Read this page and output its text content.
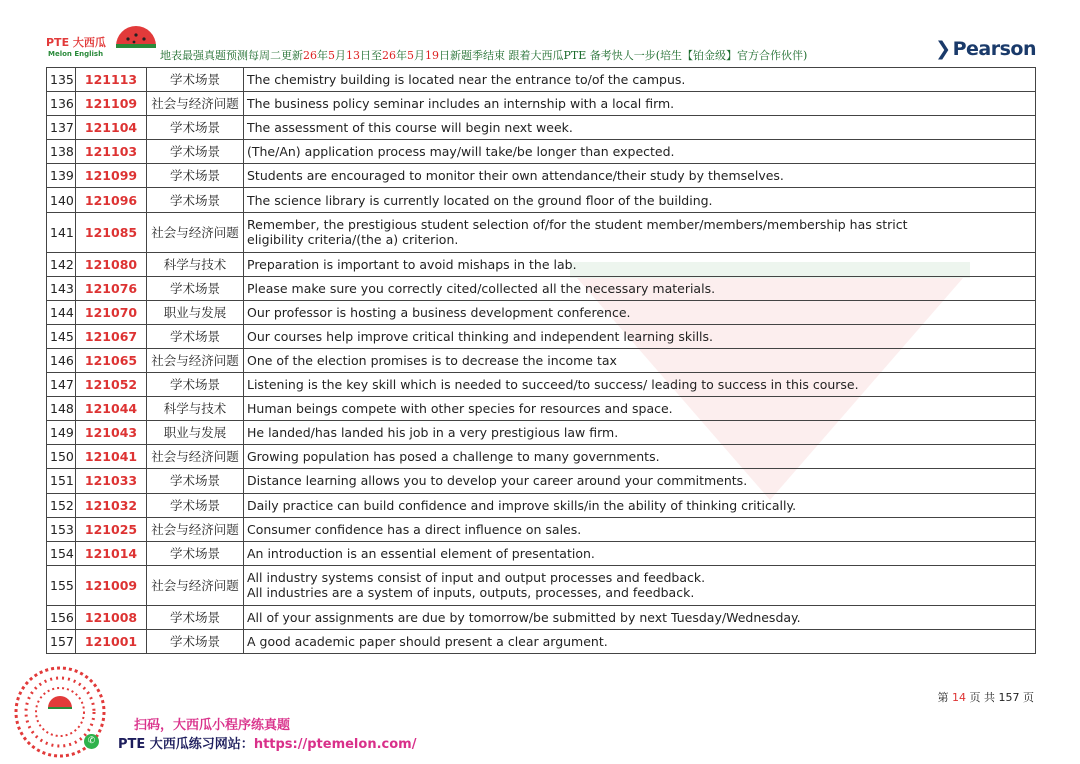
PTE 大西瓜
Melon English	地表最强真题预测每周二更新26年5月13日至26年5月19日新题季结束 跟着大西瓜PTE 备考快人一步(培生【铂金级】官方合作伙伴)	❯ Pearson
135	121113	学术场景	The chemistry building is located near the entrance to/of the campus.
136	121109	社会与经济问题	The business policy seminar includes an internship with a local firm.
137	121104	学术场景	The assessment of this course will begin next week.
138	121103	学术场景	(The/An) application process may/will take/be longer than expected.
139	121099	学术场景	Students are encouraged to monitor their own attendance/their study by themselves.
140	121096	学术场景	The science library is currently located on the ground floor of the building.
141	121085	社会与经济问题	Remember, the prestigious student selection of/for the student member/members/membership has strict
eligibility criteria/(the a) criterion.

142	121080	科学与技术	Preparation is important to avoid mishaps in the lab.
143	121076	学术场景	Please make sure you correctly cited/collected all the necessary materials.
144	121070	职业与发展	Our professor is hosting a business development conference.
145	121067	学术场景	Our courses help improve critical thinking and independent learning skills.
146	121065	社会与经济问题	One of the election promises is to decrease the income tax
147	121052	学术场景	Listening is the key skill which is needed to succeed/to success/ leading to success in this course.
148	121044	科学与技术	Human beings compete with other species for resources and space.
149	121043	职业与发展	He landed/has landed his job in a very prestigious law firm.
150	121041	社会与经济问题	Growing population has posed a challenge to many governments.
151	121033	学术场景	Distance learning allows you to develop your career around your commitments.
152	121032	学术场景	Daily practice can build confidence and improve skills/in the ability of thinking critically.
153	121025	社会与经济问题	Consumer confidence has a direct influence on sales.
154	121014	学术场景	An introduction is an essential element of presentation.
155	121009	社会与经济问题	All industry systems consist of input and output processes and feedback.
All industries are a system of inputs, outputs, processes, and feedback.

156	121008	学术场景	All of your assignments are due by tomorrow/be submitted by next Tuesday/Wednesday.
157	121001	学术场景	A good academic paper should present a clear argument.
✆
扫码，大西瓜小程序练真题
PTE 大西瓜练习网站：https://ptemelon.com/
第 14 页 共 157 页
